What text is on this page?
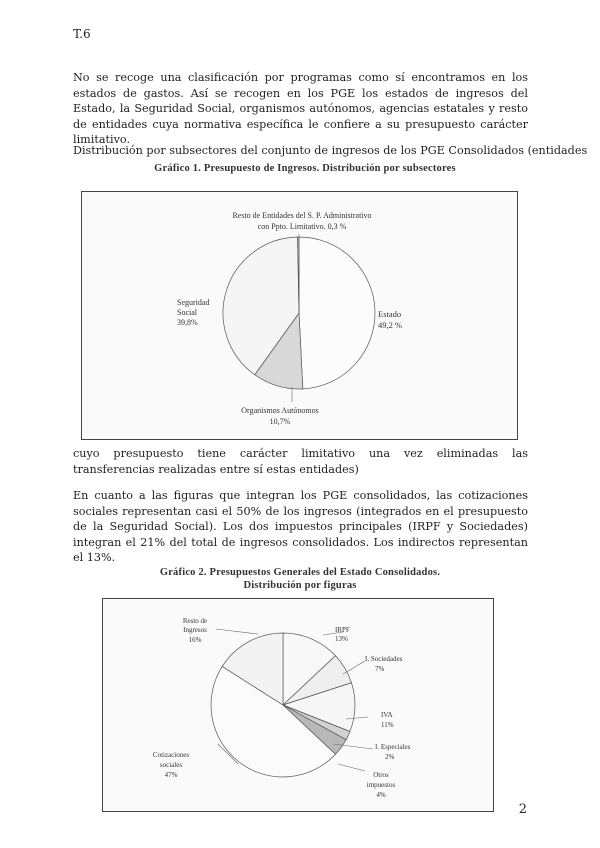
T.6

No se recoge una clasificación por programas como sí encontramos en los estados de gastos. Así se recogen en los PGE los estados de ingresos del Estado, la Seguridad Social, organismos autónomos, agencias estatales y resto de entidades cuya normativa específica le confiere a su presupuesto carácter limitativo.

Distribución por subsectores del conjunto de ingresos de los PGE Consolidados (entidades

Gráfico 1. Presupuesto de Ingresos. Distribución por subsectores
Resto de Entidades del S. P. Administrativo
con Ppto. Limitativo. 0,3 %
Seguridad
Social
39,8%
Estado
49,2 %
Organismos Autónomos
10,7%

cuyo presupuesto tiene carácter limitativo una vez eliminadas las transferencias realizadas entre sí estas entidades)

En cuanto a las figuras que integran los PGE consolidados, las cotizaciones sociales representan casi el 50% de los ingresos (integrados en el presupuesto de la Seguridad Social). Los dos impuestos principales (IRPF y Sociedades) integran el 21% del total de ingresos consolidados. Los indirectos representan el 13%.

Gráfico 2. Presupuestos Generales del Estado Consolidados.
Distribución por figuras
Resto de
Ingresos
16%
IRPF
13%
I. Sociedades
7%
IVA
11%
I. Especiales
2%
Otros
impuestos
4%
Cotizaciones
sociales
47%
2
